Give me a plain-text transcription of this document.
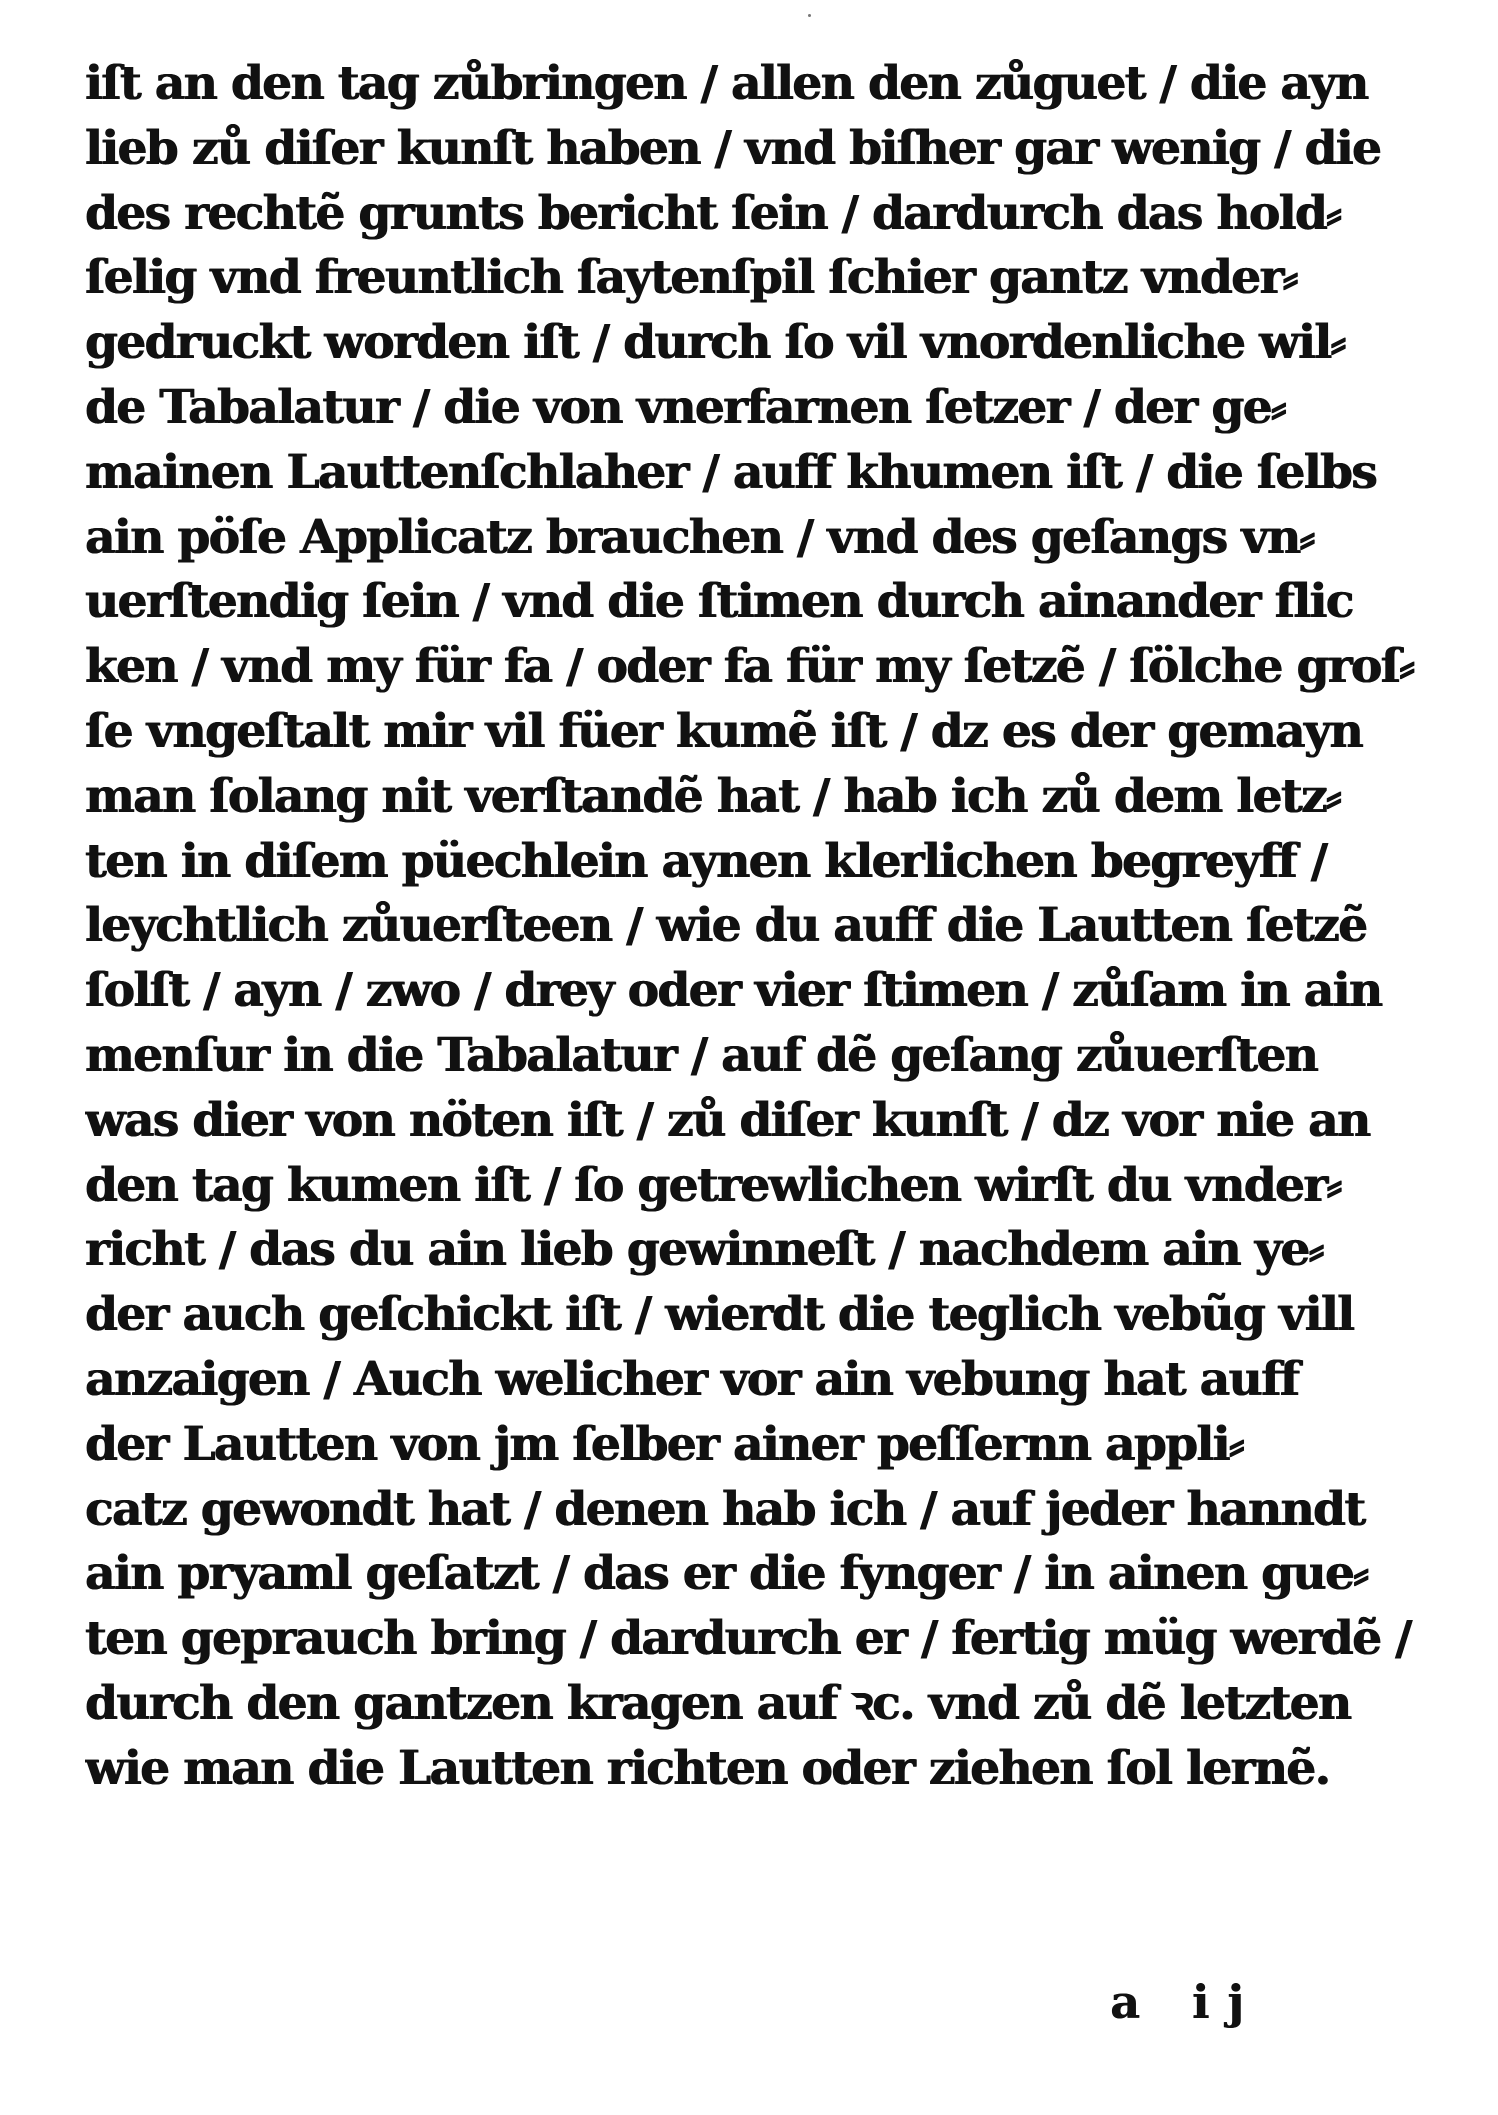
iſt an den tag zůbringen / allen den zůguet / die ayn
lieb zů diſer kunſt haben / vnd biſher gar wenig / die
des rechtẽ grunts bericht ſein / dardurch das hold⸗
ſelig vnd freuntlich ſaytenſpil ſchier gantz vnder⸗
gedruckt worden iſt / durch ſo vil vnordenliche wil⸗
de Tabalatur / die von vnerfarnen ſetzer / der ge⸗
mainen Lauttenſchlaher / auff khumen iſt / die ſelbs
ain pöſe Applicatz brauchen / vnd des geſangs vn⸗
uerſtendig ſein / vnd die ſtimen durch ainander flic
ken / vnd my für fa / oder fa für my ſetzẽ / ſölche groſ⸗
ſe vngeſtalt mir vil füer kumẽ iſt / dz es der gemayn
man ſolang nit verſtandẽ hat / hab ich zů dem letz⸗
ten in diſem püechlein aynen klerlichen begreyff /
leychtlich zůuerſteen / wie du auff die Lautten ſetzẽ
ſolſt / ayn / zwo / drey oder vier ſtimen / zůſam in ain
menſur in die Tabalatur / auf dẽ geſang zůuerſten
was dier von nöten iſt / zů diſer kunſt / dz vor nie an
den tag kumen iſt / ſo getrewlichen wirſt du vnder⸗
richt / das du ain lieb gewinneſt / nachdem ain ye⸗
der auch geſchickt iſt / wierdt die teglich vebũg vill
anzaigen / Auch welicher vor ain vebung hat auff
der Lautten von jm ſelber ainer peſſernn appli⸗
catz gewondt hat / denen hab ich / auf jeder hanndt
ain pryaml geſatzt / das er die fynger / in ainen gue⸗
ten geprauch bring / dardurch er / fertig müg werdẽ /
durch den gantzen kragen auf ꝛc. vnd zů dẽ letzten
wie man die Lautten richten oder ziehen ſol lernẽ.
a ij
